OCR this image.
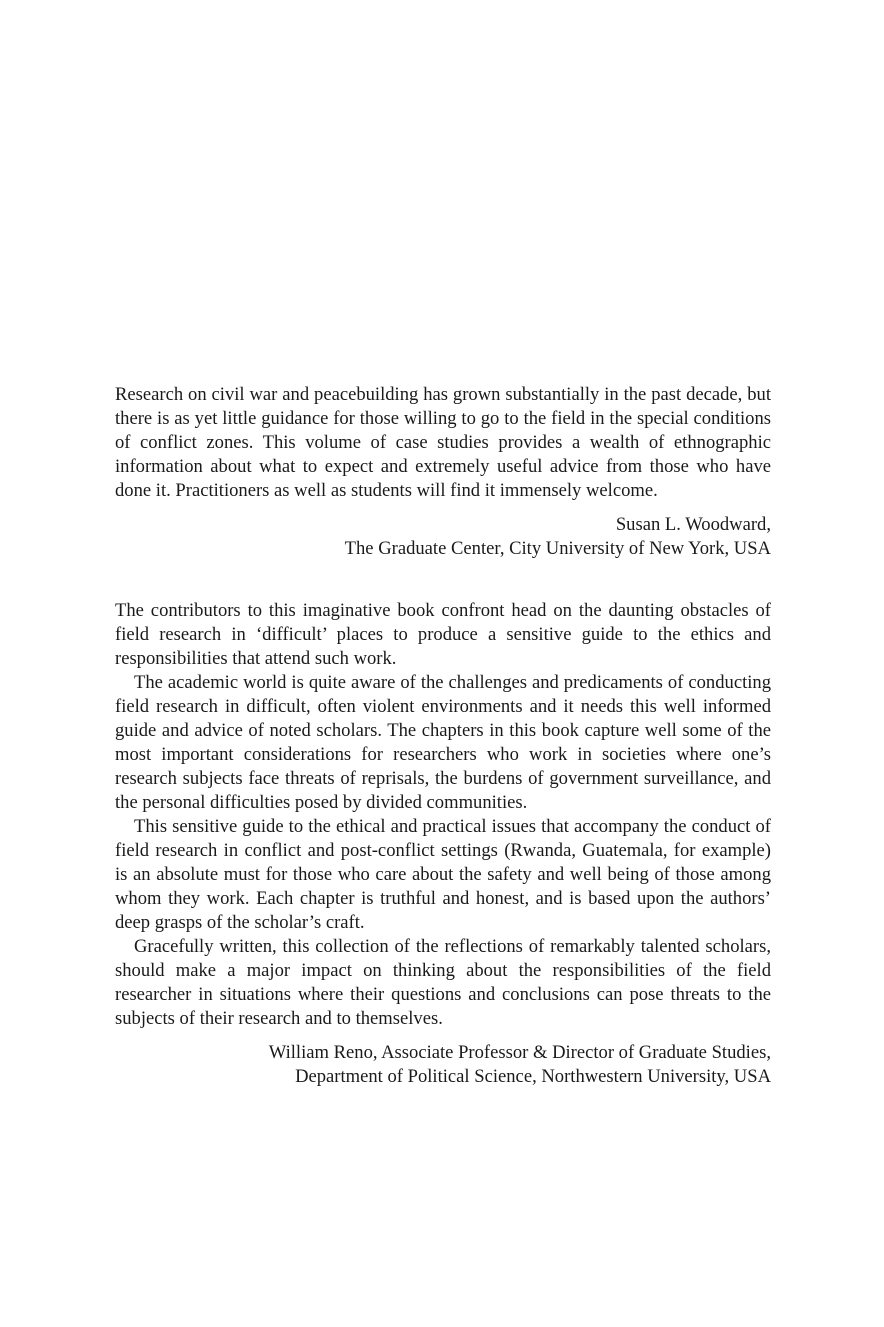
Research on civil war and peacebuilding has grown substantially in the past decade, but there is as yet little guidance for those willing to go to the field in the special conditions of conflict zones. This volume of case studies provides a wealth of ethnographic information about what to expect and extremely useful advice from those who have done it. Practitioners as well as students will find it immensely welcome.

Susan L. Woodward,

The Graduate Center, City University of New York, USA

The contributors to this imaginative book confront head on the daunting obstacles of field research in ‘difficult’ places to produce a sensitive guide to the ethics and responsibilities that attend such work.

The academic world is quite aware of the challenges and predicaments of conducting field research in difficult, often violent environments and it needs this well informed guide and advice of noted scholars. The chapters in this book capture well some of the most important considerations for researchers who work in societies where one’s research subjects face threats of reprisals, the burdens of government surveillance, and the personal difficulties posed by divided communities.

This sensitive guide to the ethical and practical issues that accompany the conduct of field research in conflict and post-conflict settings (Rwanda, Guatemala, for example) is an absolute must for those who care about the safety and well being of those among whom they work. Each chapter is truthful and honest, and is based upon the authors’ deep grasps of the scholar’s craft.

Gracefully written, this collection of the reflections of remarkably talented scholars, should make a major impact on thinking about the responsibilities of the field researcher in situations where their questions and conclusions can pose threats to the subjects of their research and to themselves.

William Reno, Associate Professor & Director of Graduate Studies,

Department of Political Science, Northwestern University, USA
